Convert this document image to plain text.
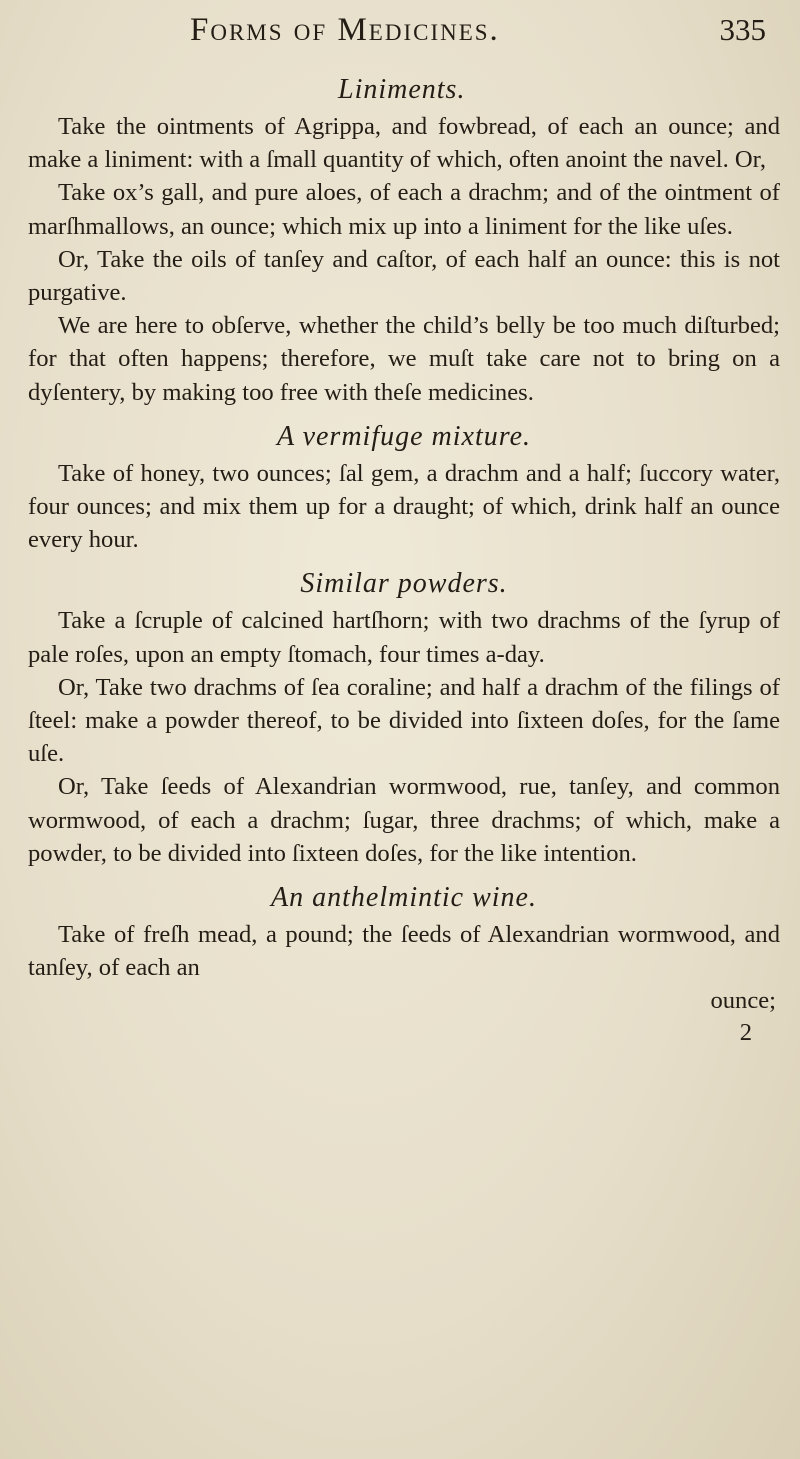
Forms of Medicines.	335
Liniments.

Take the ointments of Agrippa, and fowbread, of each an ounce; and make a liniment: with a ſmall quantity of which, often anoint the navel. Or,

Take ox’s gall, and pure aloes, of each a drachm; and of the ointment of marſhmallows, an ounce; which mix up into a liniment for the like uſes.

Or, Take the oils of tanſey and caſtor, of each half an ounce: this is not purgative.

We are here to obſerve, whether the child’s belly be too much diſturbed; for that often happens; therefore, we muſt take care not to bring on a dyſentery, by making too free with theſe medicines.

A vermifuge mixture.

Take of honey, two ounces; ſal gem, a drachm and a half; ſuccory water, four ounces; and mix them up for a draught; of which, drink half an ounce every hour.

Similar powders.

Take a ſcruple of calcined hartſhorn; with two drachms of the ſyrup of pale roſes, upon an empty ſtomach, four times a-day.

Or, Take two drachms of ſea coraline; and half a drachm of the filings of ſteel: make a powder thereof, to be divided into ſixteen doſes, for the ſame uſe.

Or, Take ſeeds of Alexandrian wormwood, rue, tanſey, and common wormwood, of each a drachm; ſugar, three drachms; of which, make a powder, to be divided into ſixteen doſes, for the like intention.

An anthelmintic wine.

Take of freſh mead, a pound; the ſeeds of Alexandrian wormwood, and tanſey, of each an

ounce;

2
